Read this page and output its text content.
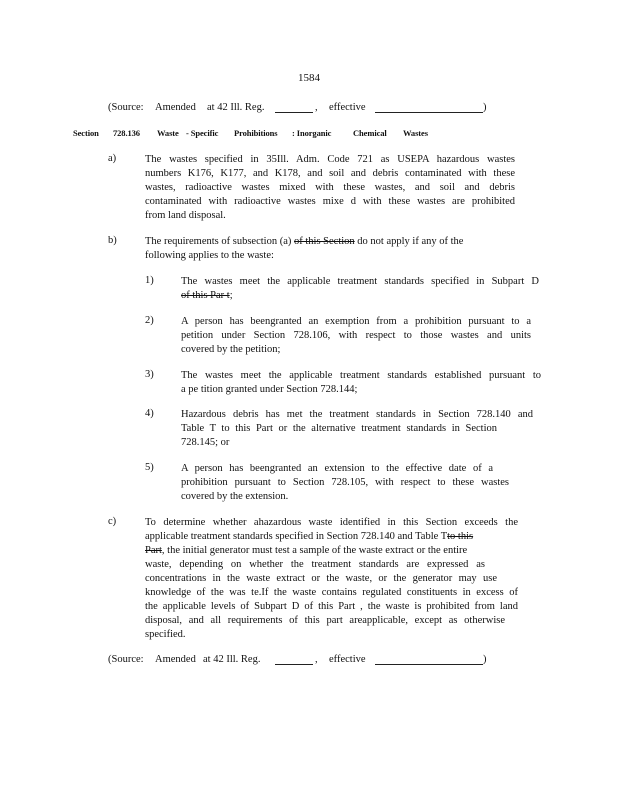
1584
(Source: Amended at 42 Ill. Reg.	, effective	)
Section 728.136 Waste - Specific Prohibitions : Inorganic	Chemical Wastes
a)	The wastes specified in 35Ill. Adm. Code 721 as USEPA hazardous wastes
numbers K176, K177, and K178, and soil and debris contaminated with these
wastes, radioactive wastes mixed with these wastes, and soil and debris
contaminated with radioactive wastes mixe d with these wastes are prohibited
from land disposal.
b)	The requirements of subsection (a) of this Section do not apply if any of the
following applies to the waste:
1)	The wastes meet the applicable treatment standards specified in Subpart D
of this Par t;
2)	A person has beengranted an exemption from a prohibition pursuant to a
petition under Section 728.106, with respect to those wastes and units
covered by the petition;
3)	The wastes meet the applicable treatment standards established pursuant to
a pe tition granted under Section 728.144;
4)	Hazardous debris has met the treatment standards in Section 728.140 and
Table T to this Part or the alternative treatment standards in Section
728.145; or
5)	A person has beengranted an extension to the effective date of a
prohibition pursuant to Section 728.105, with respect to these wastes
covered by the extension.
c)	To determine whether ahazardous waste identified in this Section exceeds the
applicable treatment standards specified in Section 728.140 and Table Tto this
Part, the initial generator must test a sample of the waste extract or the entire
waste, depending on whether the treatment standards are expressed as
concentrations in the waste extract or the waste, or the generator may use
knowledge of the was te.If the waste contains regulated constituents in excess of
the applicable levels of Subpart D of this Part , the waste is prohibited from land
disposal, and all requirements of this part areapplicable, except as otherwise
specified.
(Source: Amended at 42 Ill. Reg.	, effective	)
